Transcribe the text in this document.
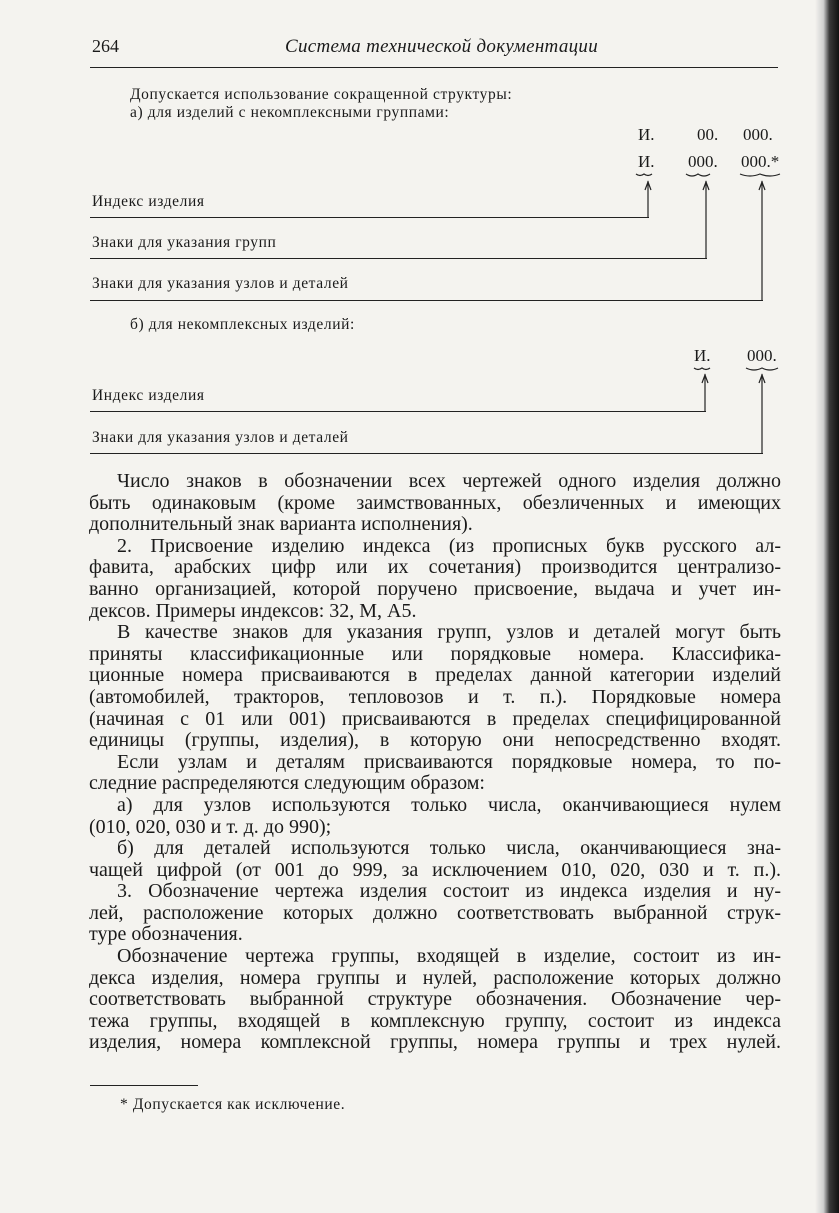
264	Система технической документации
Допускается использование сокращенной структуры:
а) для изделий с некомплексными группами:
И. 00. 000.
И. 000. 000.*
Индекс изделия
Знаки для указания групп
Знаки для указания узлов и деталей
б) для некомплексных изделий:
И. 000.
Индекс изделия
Знаки для указания узлов и деталей

Число знаков в обозначении всех чертежей одного изделия должно

быть одинаковым (кроме заимствованных, обезличенных и имеющих

дополнительный знак варианта исполнения).

2. Присвоение изделию индекса (из прописных букв русского ал-

фавита, арабских цифр или их сочетания) производится централизо-

ванно организацией, которой поручено присвоение, выдача и учет ин-

дексов. Примеры индексов: 32, М, А5.

В качестве знаков для указания групп, узлов и деталей могут быть

приняты классификационные или порядковые номера. Классифика-

ционные номера присваиваются в пределах данной категории изделий

(автомобилей, тракторов, тепловозов и т. п.). Порядковые номера

(начиная с 01 или 001) присваиваются в пределах специфицированной

единицы (группы, изделия), в которую они непосредственно входят.

Если узлам и деталям присваиваются порядковые номера, то по-

следние распределяются следующим образом:

а) для узлов используются только числа, оканчивающиеся нулем

(010, 020, 030 и т. д. до 990);

б) для деталей используются только числа, оканчивающиеся зна-

чащей цифрой (от 001 до 999, за исключением 010, 020, 030 и т. п.).

3. Обозначение чертежа изделия состоит из индекса изделия и ну-

лей, расположение которых должно соответствовать выбранной струк-

туре обозначения.

Обозначение чертежа группы, входящей в изделие, состоит из ин-

декса изделия, номера группы и нулей, расположение которых должно

соответствовать выбранной структуре обозначения. Обозначение чер-

тежа группы, входящей в комплексную группу, состоит из индекса

изделия, номера комплексной группы, номера группы и трех нулей.

* Допускается как исключение.
